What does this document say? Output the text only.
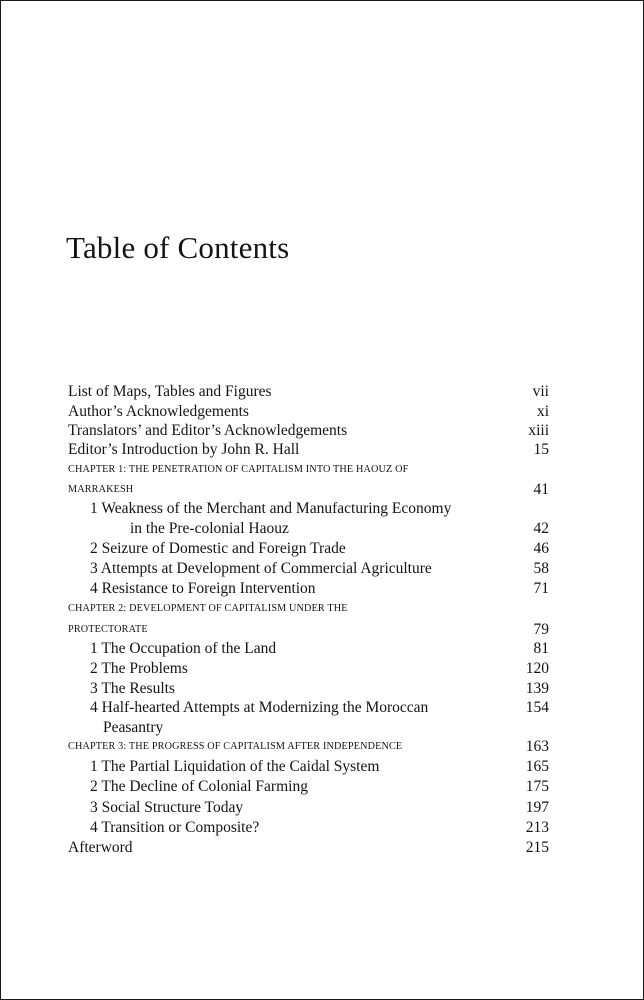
Table of Contents
List of Maps, Tables and Figures	vii
Author’s Acknowledgements	xi
Translators’ and Editor’s Acknowledgements	xiii
Editor’s Introduction by John R. Hall	15
CHAPTER 1: THE PENETRATION OF CAPITALISM INTO THE HAOUZ OF
MARRAKESH	41
1 Weakness of the Merchant and Manufacturing Economy
in the Pre-colonial Haouz	42
2 Seizure of Domestic and Foreign Trade	46
3 Attempts at Development of Commercial Agriculture	58
4 Resistance to Foreign Intervention	71
CHAPTER 2: DEVELOPMENT OF CAPITALISM UNDER THE
PROTECTORATE	79
1 The Occupation of the Land	81
2 The Problems	120
3 The Results	139
4 Half-hearted Attempts at Modernizing the Moroccan	154
Peasantry
CHAPTER 3: THE PROGRESS OF CAPITALISM AFTER INDEPENDENCE	163
1 The Partial Liquidation of the Caidal System	165
2 The Decline of Colonial Farming	175
3 Social Structure Today	197
4 Transition or Composite?	213
Afterword	215
